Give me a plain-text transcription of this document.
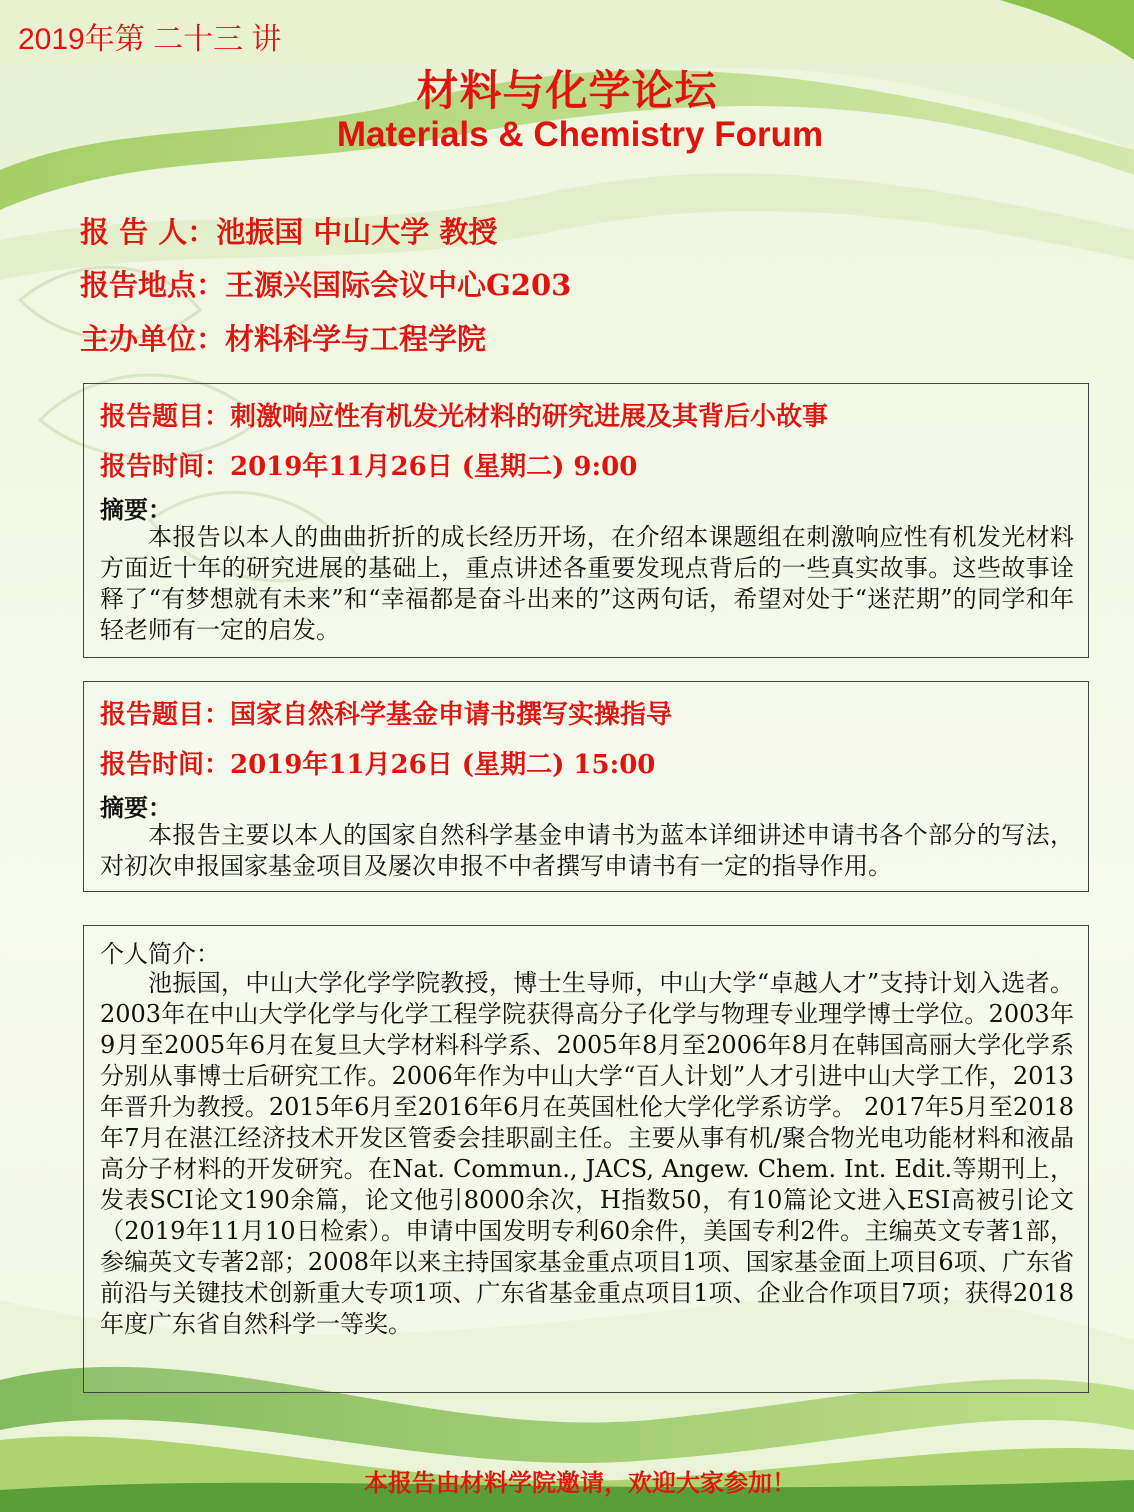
2019年第 二十三 讲
材料与化学论坛
Materials & Chemistry Forum
报 告 人：池振国 中山大学 教授
报告地点：王源兴国际会议中心G203
主办单位：材料科学与工程学院
报告题目：刺激响应性有机发光材料的研究进展及其背后小故事
报告时间：2019年11月26日 (星期二) 9:00
摘要：
本报告以本人的曲曲折折的成长经历开场，在介绍本课题组在刺激响应性有机发光材料方面近十年的研究进展的基础上，重点讲述各重要发现点背后的一些真实故事。这些故事诠释了“有梦想就有未来”和“幸福都是奋斗出来的”这两句话，希望对处于“迷茫期”的同学和年轻老师有一定的启发。
报告题目：国家自然科学基金申请书撰写实操指导
报告时间：2019年11月26日 (星期二) 15:00
摘要：
本报告主要以本人的国家自然科学基金申请书为蓝本详细讲述申请书各个部分的写法，对初次申报国家基金项目及屡次申报不中者撰写申请书有一定的指导作用。
个人简介：
池振国，中山大学化学学院教授，博士生导师，中山大学“卓越人才”支持计划入选者。2003年在中山大学化学与化学工程学院获得高分子化学与物理专业理学博士学位。2003年9月至2005年6月在复旦大学材料科学系、2005年8月至2006年8月在韩国高丽大学化学系分别从事博士后研究工作。2006年作为中山大学“百人计划”人才引进中山大学工作，2013年晋升为教授。2015年6月至2016年6月在英国杜伦大学化学系访学。 2017年5月至2018年7月在湛江经济技术开发区管委会挂职副主任。主要从事有机/聚合物光电功能材料和液晶高分子材料的开发研究。在Nat. Commun., JACS, Angew. Chem. Int. Edit.等期刊上，发表SCI论文190余篇，论文他引8000余次，H指数50，有10篇论文进入ESI高被引论文（2019年11月10日检索）。申请中国发明专利60余件，美国专利2件。主编英文专著1部，参编英文专著2部；2008年以来主持国家基金重点项目1项、国家基金面上项目6项、广东省前沿与关键技术创新重大专项1项、广东省基金重点项目1项、企业合作项目7项；获得2018年度广东省自然科学一等奖。
本报告由材料学院邀请，欢迎大家参加！
